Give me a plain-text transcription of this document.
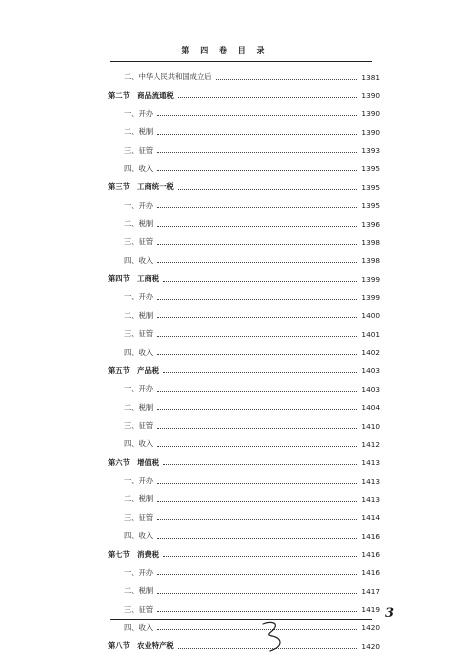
第 四 卷 目 录
二、中华人民共和国成立后	1381
第二节　商品流通税	1390
一、开办	1390
二、税制	1390
三、征管	1393
四、收入	1395
第三节　工商统一税	1395
一、开办	1395
二、税制	1396
三、征管	1398
四、收入	1398
第四节　工商税	1399
一、开办	1399
二、税制	1400
三、征管	1401
四、收入	1402
第五节　产品税	1403
一、开办	1403
二、税制	1404
三、征管	1410
四、收入	1412
第六节　增值税	1413
一、开办	1413
二、税制	1413
三、征管	1414
四、收入	1416
第七节　消费税	1416
一、开办	1416
二、税制	1417
三、征管	1419
四、收入	1420
第八节　农业特产税	1420
3
